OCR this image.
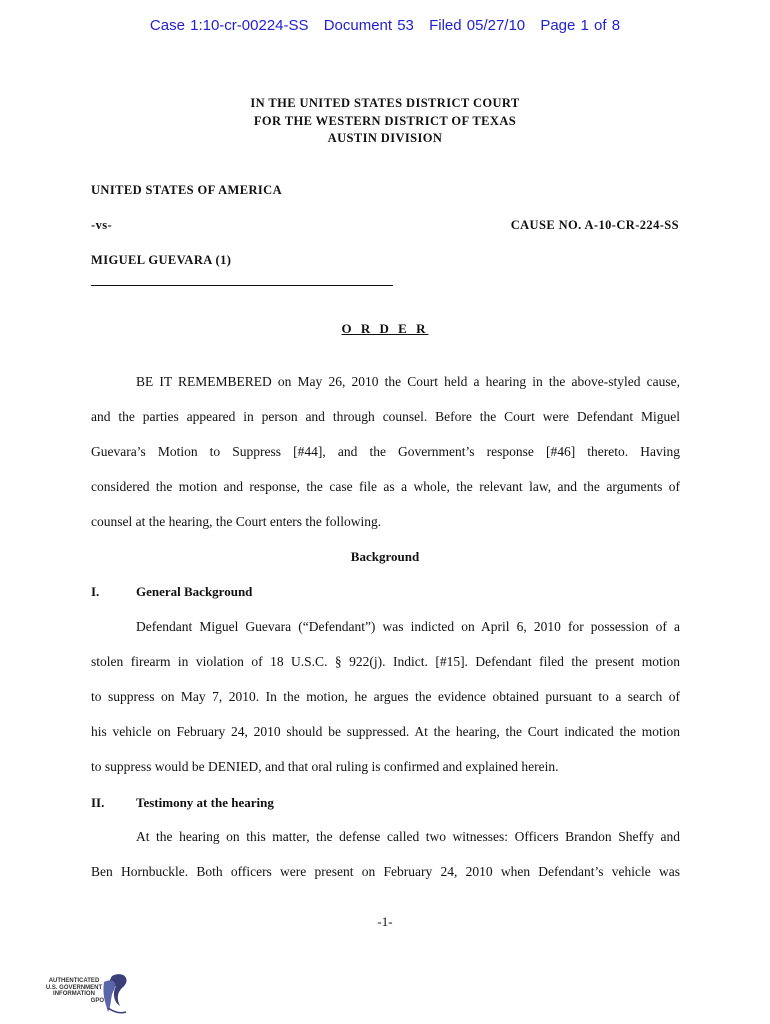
Case 1:10-cr-00224-SS Document 53 Filed 05/27/10 Page 1 of 8
IN THE UNITED STATES DISTRICT COURT
FOR THE WESTERN DISTRICT OF TEXAS
AUSTIN DIVISION
UNITED STATES OF AMERICA
-vs-	CAUSE NO. A-10-CR-224-SS
MIGUEL GUEVARA (1)
O R D E R
BE IT REMEMBERED on May 26, 2010 the Court held a hearing in the above-styled cause,
and the parties appeared in person and through counsel. Before the Court were Defendant Miguel
Guevara’s Motion to Suppress [#44], and the Government’s response [#46] thereto. Having
considered the motion and response, the case file as a whole, the relevant law, and the arguments of
counsel at the hearing, the Court enters the following.
Background
I.	General Background
Defendant Miguel Guevara (“Defendant”) was indicted on April 6, 2010 for possession of a
stolen firearm in violation of 18 U.S.C. § 922(j). Indict. [#15]. Defendant filed the present motion
to suppress on May 7, 2010. In the motion, he argues the evidence obtained pursuant to a search of
his vehicle on February 24, 2010 should be suppressed. At the hearing, the Court indicated the motion
to suppress would be DENIED, and that oral ruling is confirmed and explained herein.
II. Testimony at the hearing
At the hearing on this matter, the defense called two witnesses: Officers Brandon Sheffy and
Ben Hornbuckle. Both officers were present on February 24, 2010 when Defendant’s vehicle was
-1-
AUTHENTICATED
U.S. GOVERNMENT
INFORMATION
GPO
